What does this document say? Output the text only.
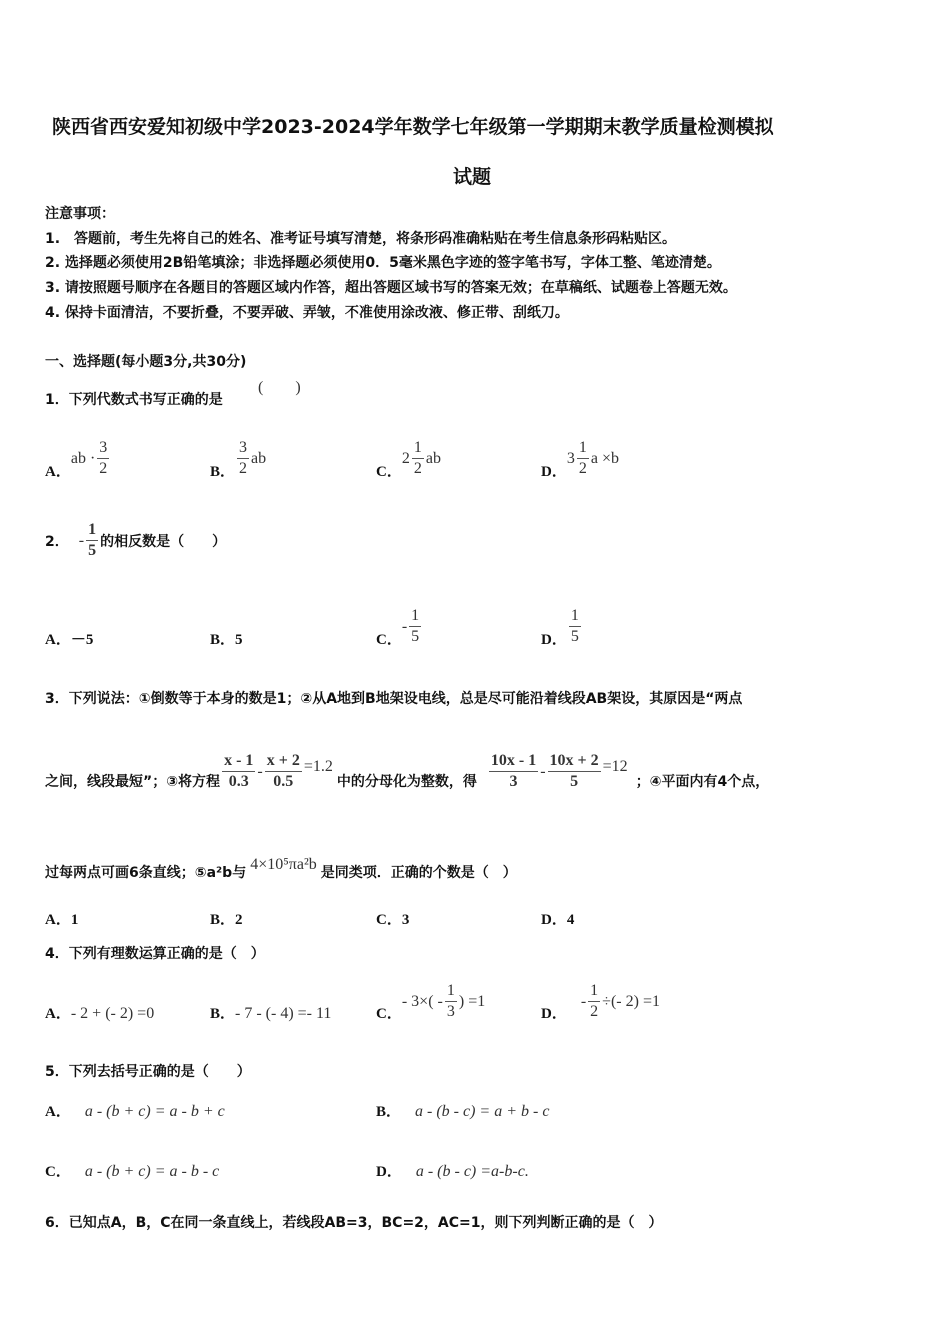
陕西省西安爱知初级中学2023-2024学年数学七年级第一学期期末教学质量检测模拟
试题
注意事项：
1.　答题前，考生先将自己的姓名、准考证号填写清楚，将条形码准确粘贴在考生信息条形码粘贴区。
2. 选择题必须使用2B铅笔填涂；非选择题必须使用0．5毫米黑色字迹的签字笔书写，字体工整、笔迹清楚。
3. 请按照题号顺序在各题目的答题区域内作答，超出答题区域书写的答案无效；在草稿纸、试题卷上答题无效。
4. 保持卡面清洁，不要折叠，不要弄破、弄皱，不准使用涂改液、修正带、刮纸刀。
一、选择题(每小题3分,共30分)
1．下列代数式书写正确的是
(　　)
A．
ab · $\frac{3}{2}$	B． $\frac{3}{2}$ ab
C．
$2 \frac{1}{2}$ ab
D．
$3 \frac{1}{2}$ a ×b
2． - $\frac{1}{5}$ 的相反数是（　　）
A．－5	B．5	C．
- $\frac{1}{5}$	D． $\frac{1}{5}$
3．下列说法：①倒数等于本身的数是1；②从A地到B地架设电线，总是尽可能沿着线段AB架设，其原因是“两点
之间，线段最短”；③将方程 $\frac{x - 1}{0.3} - \frac{x + 2}{0.5} =1.2$
中的分母化为整数，得 $\frac{10x - 1}{3} - \frac{10x + 2}{5} =12$
；④平面内有4个点，
过每两点可画6条直线；⑤a²b与 4×10⁵πa²b 是同类项．正确的个数是（　）
A．1	B．2	C．3	D．4
4．下列有理数运算正确的是（　）
A．- 2 + (- 2) =0	B．- 7 - (- 4) =- 11	C．
- $3\times( - \frac{1}{3}$ ) =1
D．
- $\frac{1}{2}$ ÷(- 2) =1
5．下列去括号正确的是（　　）
A． a - (b + c) = a - b + c	B． a - (b - c) = a + b - c
C． a - (b + c) = a - b - c	D． a - (b - c) =a-b-c.
6．已知点A，B，C在同一条直线上，若线段AB=3，BC=2，AC=1，则下列判断正确的是（　）
